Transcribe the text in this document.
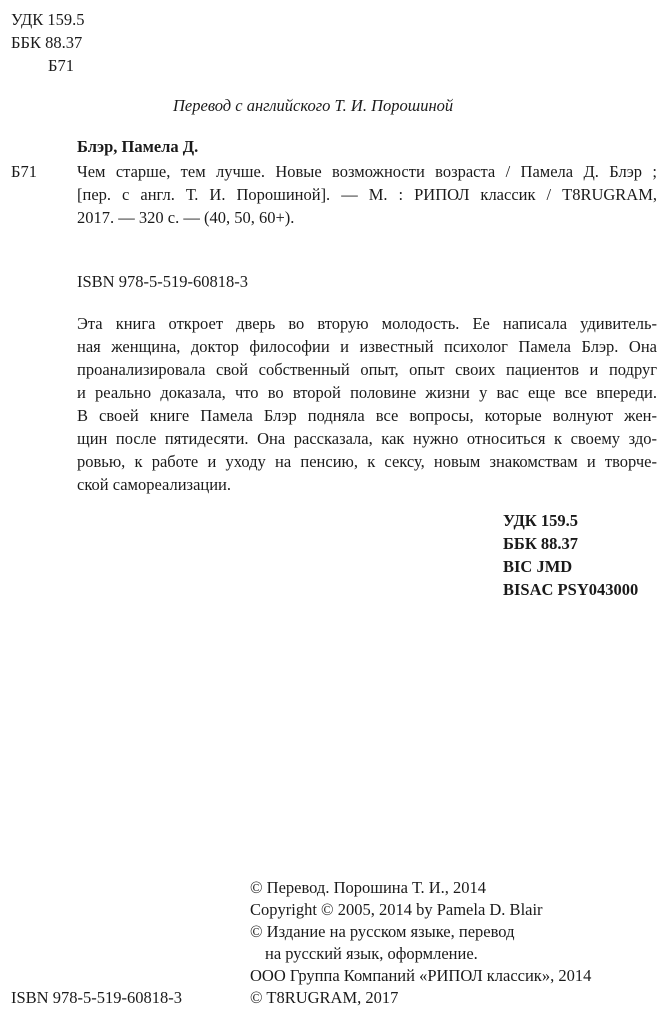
УДК 159.5
ББК 88.37
Б71
Перевод с английского Т. И. Порошиной
Блэр, Памела Д.
Б71 Чем старше, тем лучше. Новые возможности возраста / Памела Д. Блэр ;
[пер. с англ. Т. И. Порошиной]. — М. : РИПОЛ классик / T8RUGRAM,
2017. — 320 с. — (40, 50, 60+).
ISBN 978-5-519-60818-3
Эта книга откроет дверь во вторую молодость. Ее написала удивитель-
ная женщина, доктор философии и известный психолог Памела Блэр. Она
проанализировала свой собственный опыт, опыт своих пациентов и подруг
и реально доказала, что во второй половине жизни у вас еще все впереди.
В своей книге Памела Блэр подняла все вопросы, которые волнуют жен-
щин после пятидесяти. Она рассказала, как нужно относиться к своему здо-
ровью, к работе и уходу на пенсию, к сексу, новым знакомствам и творче-
ской самореализации.
УДК 159.5
ББК 88.37
BIC JMD
BISAC PSY043000
© Перевод. Порошина Т. И., 2014
Copyright © 2005, 2014 by Pamela D. Blair
© Издание на русском языке, перевод
на русский язык, оформление.
ООО Группа Компаний «РИПОЛ классик», 2014
© T8RUGRAM, 2017
ISBN 978-5-519-60818-3
